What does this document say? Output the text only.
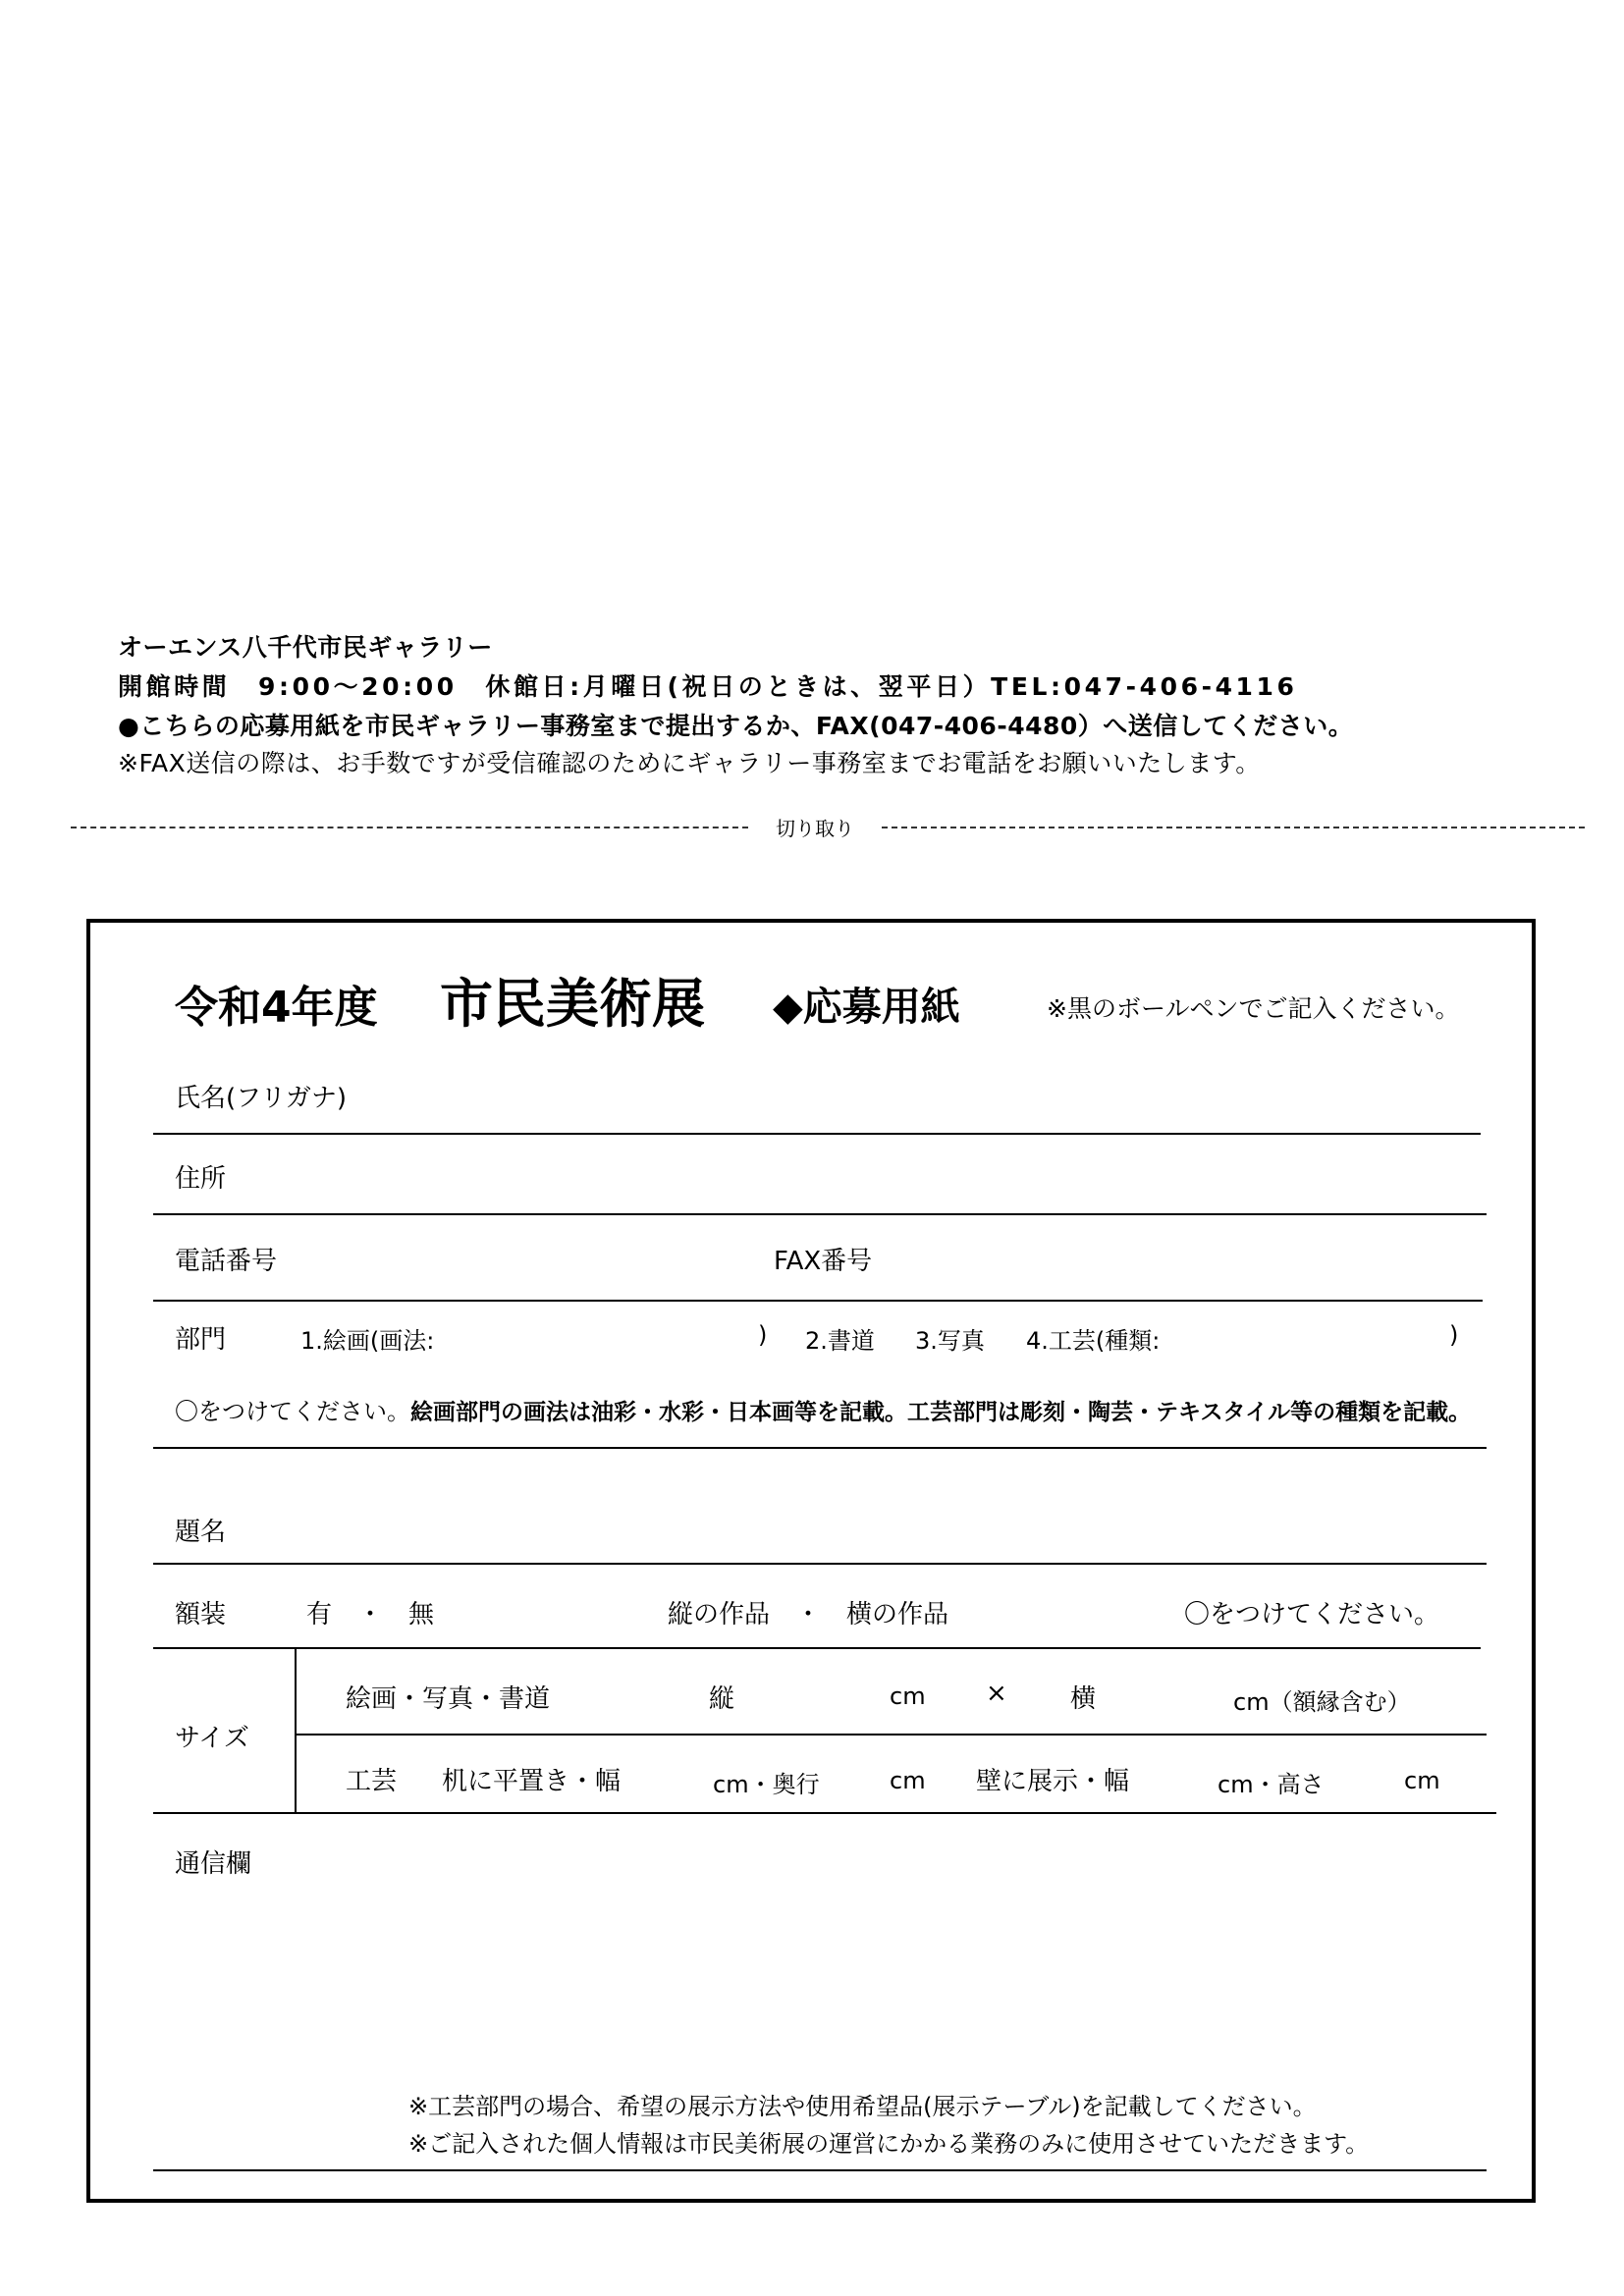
オーエンス八千代市民ギャラリー
開館時間　9:00～20:00　休館日:月曜日(祝日のときは、翌平日）TEL:047-406-4116
●こちらの応募用紙を市民ギャラリー事務室まで提出するか、FAX(047-406-4480）へ送信してください。
※FAX送信の際は、お手数ですが受信確認のためにギャラリー事務室までお電話をお願いいたします。
切り取り
令和4年度 市民美術展 ◆応募用紙	※黒のボールペンでご記入ください。
氏名(フリガナ)
住所
電話番号	FAX番号
部門	1.絵画(画法:	) 2.書道 3.写真 4.工芸(種類:	)
〇をつけてください。絵画部門の画法は油彩・水彩・日本画等を記載。工芸部門は彫刻・陶芸・テキスタイル等の種類を記載。
題名
額装	有　・　無	縦の作品　・　横の作品	〇をつけてください。
サイズ
絵画・写真・書道	縦	cm × 横	cm（額縁含む）
工芸 机に平置き・幅	cm・奥行	cm 壁に展示・幅	cm・高さ	cm
通信欄
※工芸部門の場合、希望の展示方法や使用希望品(展示テーブル)を記載してください。
※ご記入された個人情報は市民美術展の運営にかかる業務のみに使用させていただきます。
